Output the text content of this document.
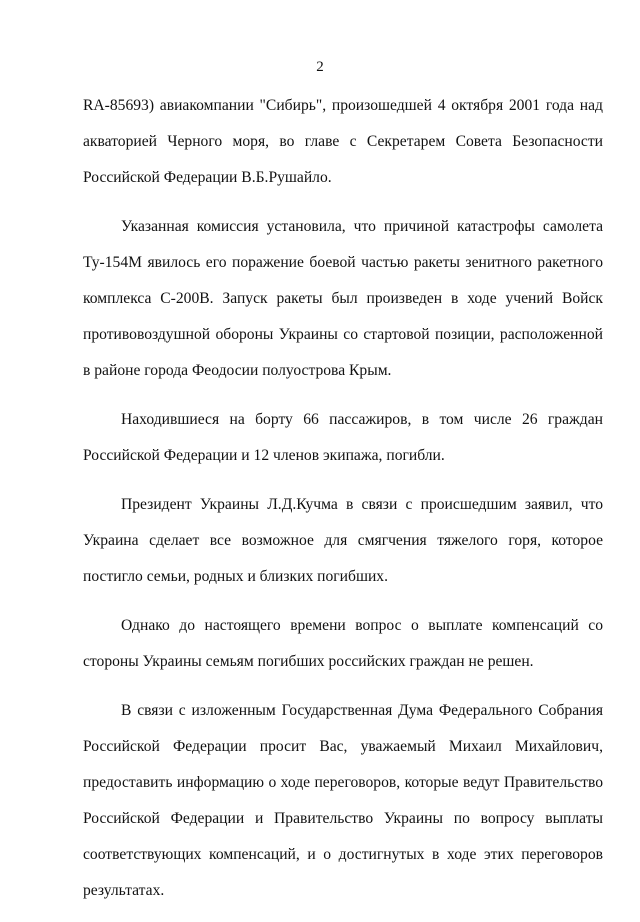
2

RA-85693) авиакомпании "Сибирь", произошедшей 4 октября 2001 года над акваторией Черного моря, во главе с Секретарем Совета Безопасности Российской Федерации В.Б.Рушайло.

Указанная комиссия установила, что причиной катастрофы самолета Ту-154М явилось его поражение боевой частью ракеты зенитного ракетного комплекса С-200В. Запуск ракеты был произведен в ходе учений Войск противовоздушной обороны Украины со стартовой позиции, расположенной в районе города Феодосии полуострова Крым.

Находившиеся на борту 66 пассажиров, в том числе 26 граждан Российской Федерации и 12 членов экипажа, погибли.

Президент Украины Л.Д.Кучма в связи с происшедшим заявил, что Украина сделает все возможное для смягчения тяжелого горя, которое постигло семьи, родных и близких погибших.

Однако до настоящего времени вопрос о выплате компенсаций со стороны Украины семьям погибших российских граждан не решен.

В связи с изложенным Государственная Дума Федерального Собрания Российской Федерации просит Вас, уважаемый Михаил Михайлович, предоставить информацию о ходе переговоров, которые ведут Правительство Российской Федерации и Правительство Украины по вопросу выплаты соответствующих компенсаций, и о достигнутых в ходе этих переговоров результатах.
